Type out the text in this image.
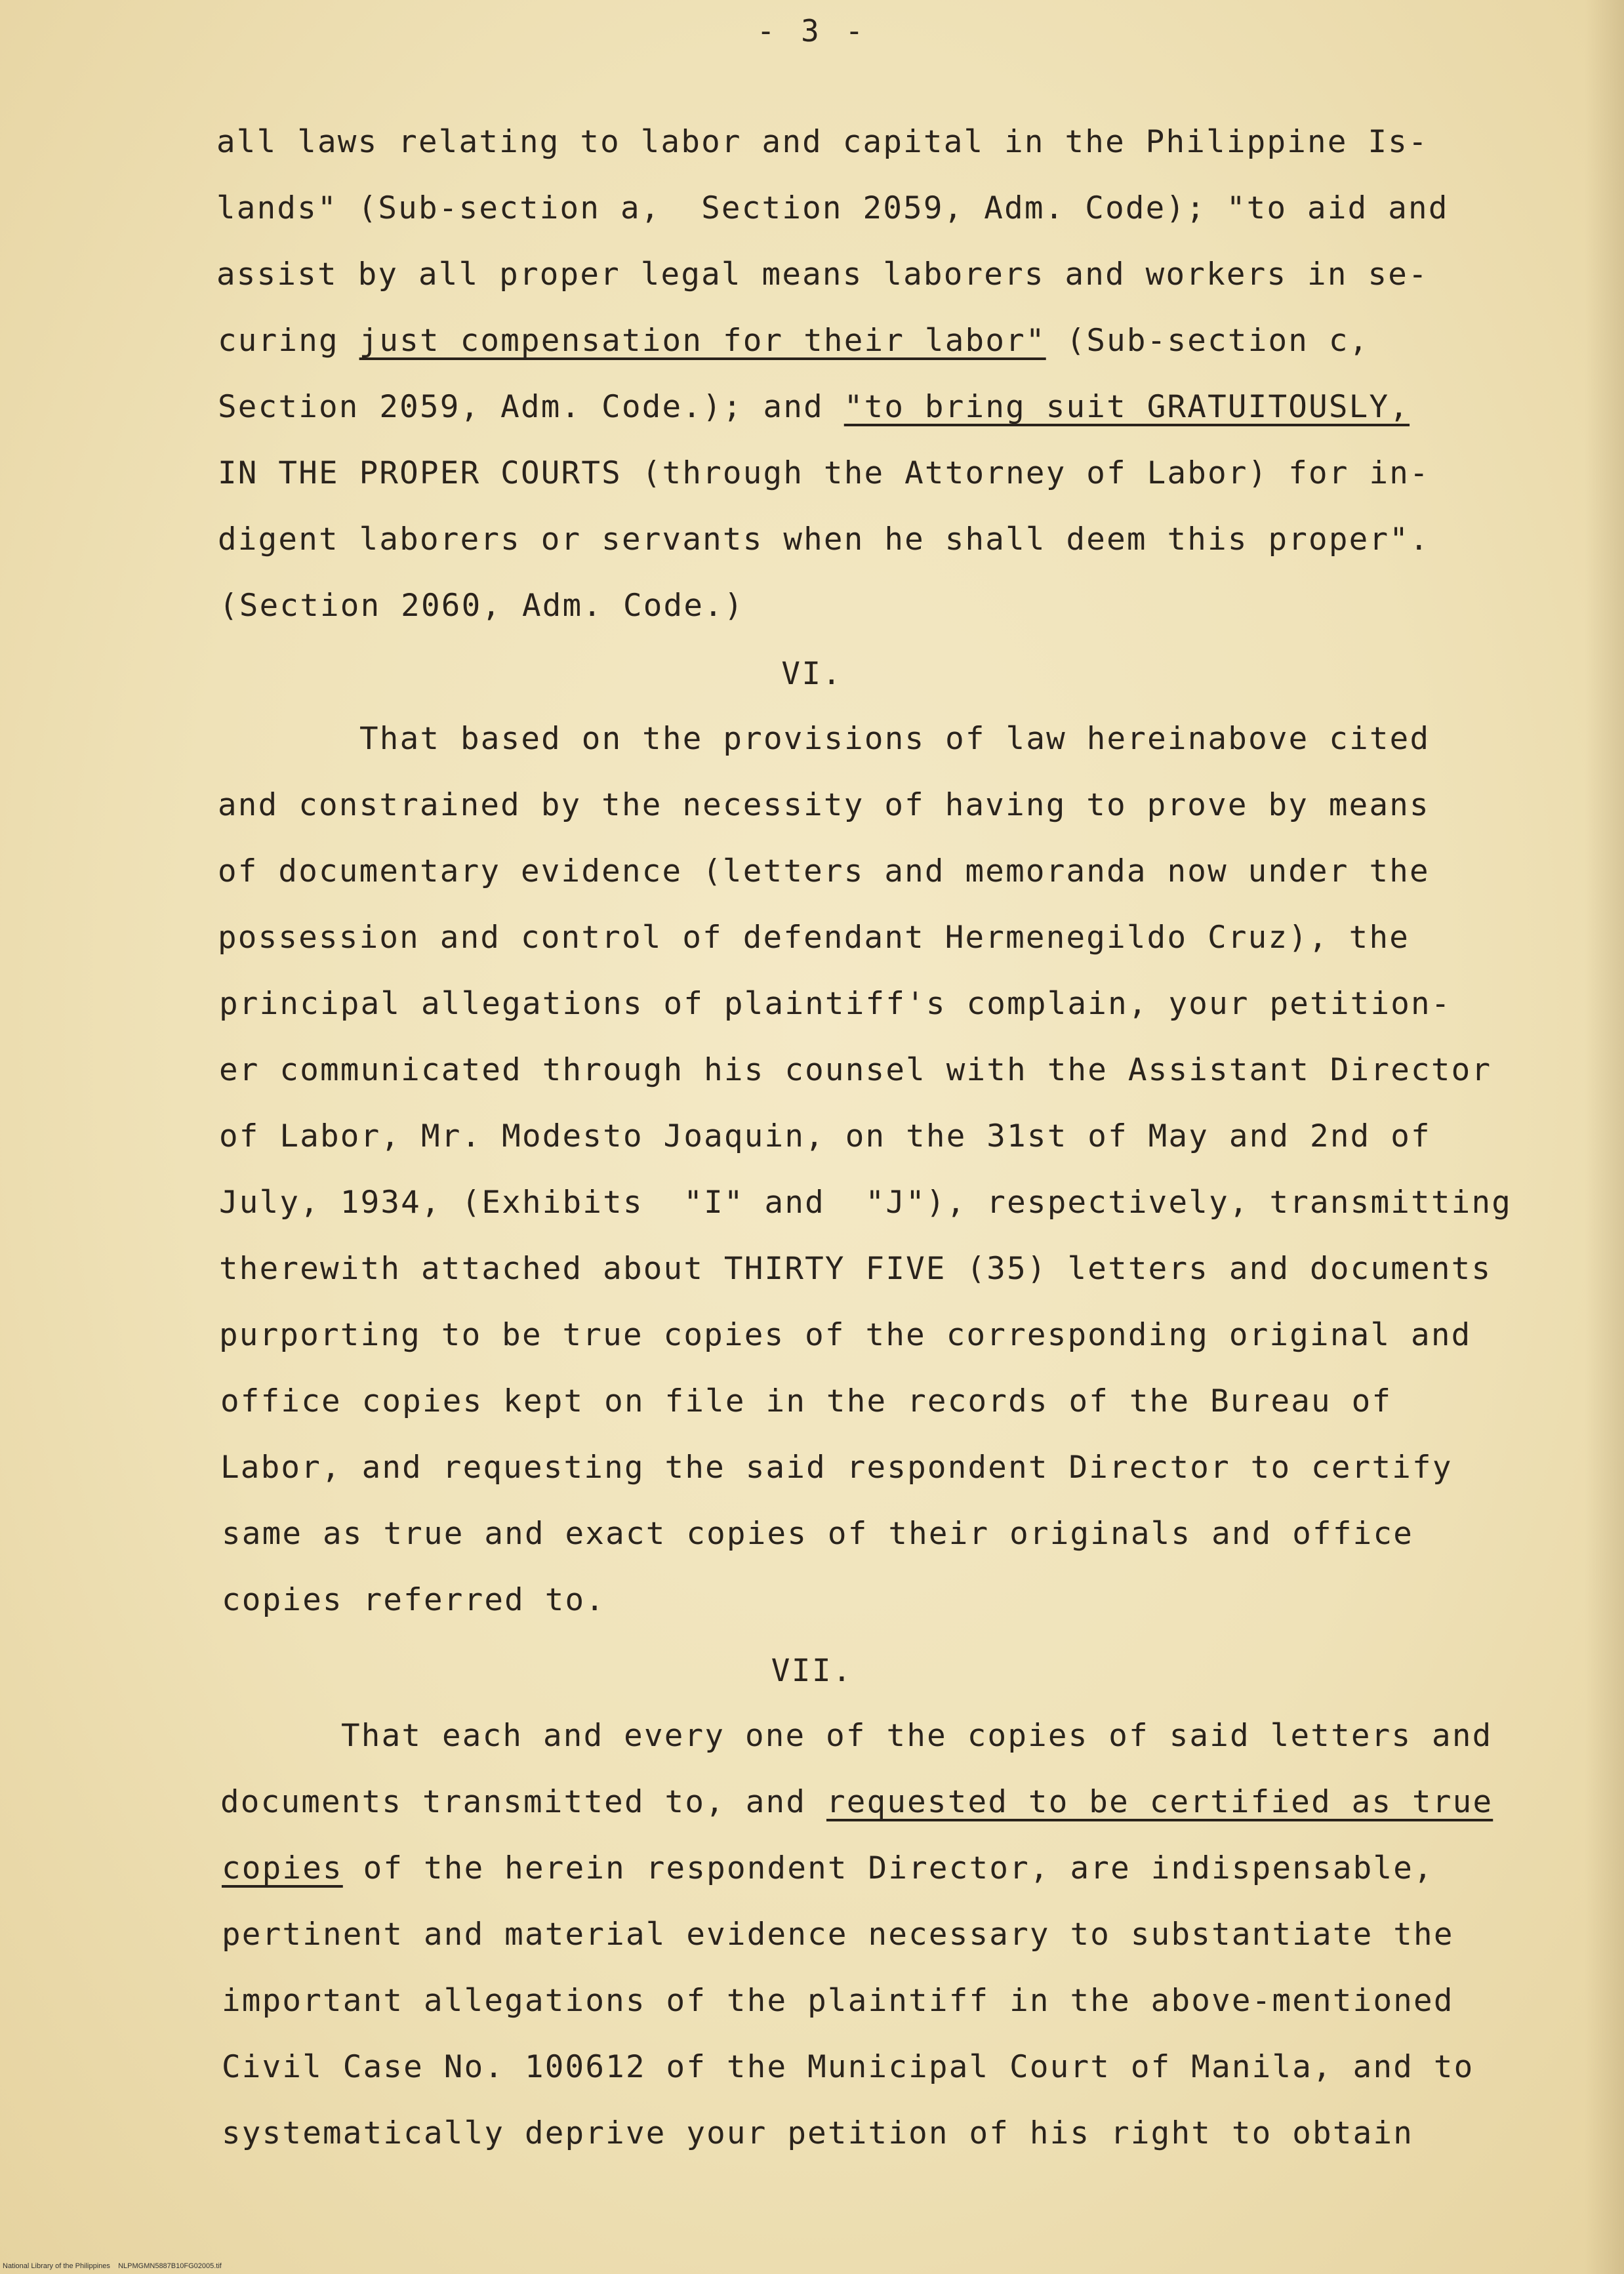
- 3 -
all laws relating to labor and capital in the Philippine Is-
lands" (Sub-section a,  Section 2059, Adm. Code); "to aid and
assist by all proper legal means laborers and workers in se-
curing just compensation for their labor" (Sub-section c,
Section 2059, Adm. Code.); and "to bring suit GRATUITOUSLY,
IN THE PROPER COURTS (through the Attorney of Labor) for in-
digent laborers or servants when he shall deem this proper".
(Section 2060, Adm. Code.)
VI.
That based on the provisions of law hereinabove cited
and constrained by the necessity of having to prove by means
of documentary evidence (letters and memoranda now under the
possession and control of defendant Hermenegildo Cruz), the
principal allegations of plaintiff's complain, your petition-
er communicated through his counsel with the Assistant Director
of Labor, Mr. Modesto Joaquin, on the 31st of May and 2nd of
July, 1934, (Exhibits  "I" and  "J"), respectively, transmitting
therewith attached about THIRTY FIVE (35) letters and documents
purporting to be true copies of the corresponding original and
office copies kept on file in the records of the Bureau of
Labor, and requesting the said respondent Director to certify
same as true and exact copies of their originals and office
copies referred to.
VII.
That each and every one of the copies of said letters and
documents transmitted to, and requested to be certified as true
copies of the herein respondent Director, are indispensable,
pertinent and material evidence necessary to substantiate the
important allegations of the plaintiff in the above-mentioned
Civil Case No. 100612 of the Municipal Court of Manila, and to
systematically deprive your petition of his right to obtain
National Library of the Philippines    NLPMGMN5887B10FG02005.tif
